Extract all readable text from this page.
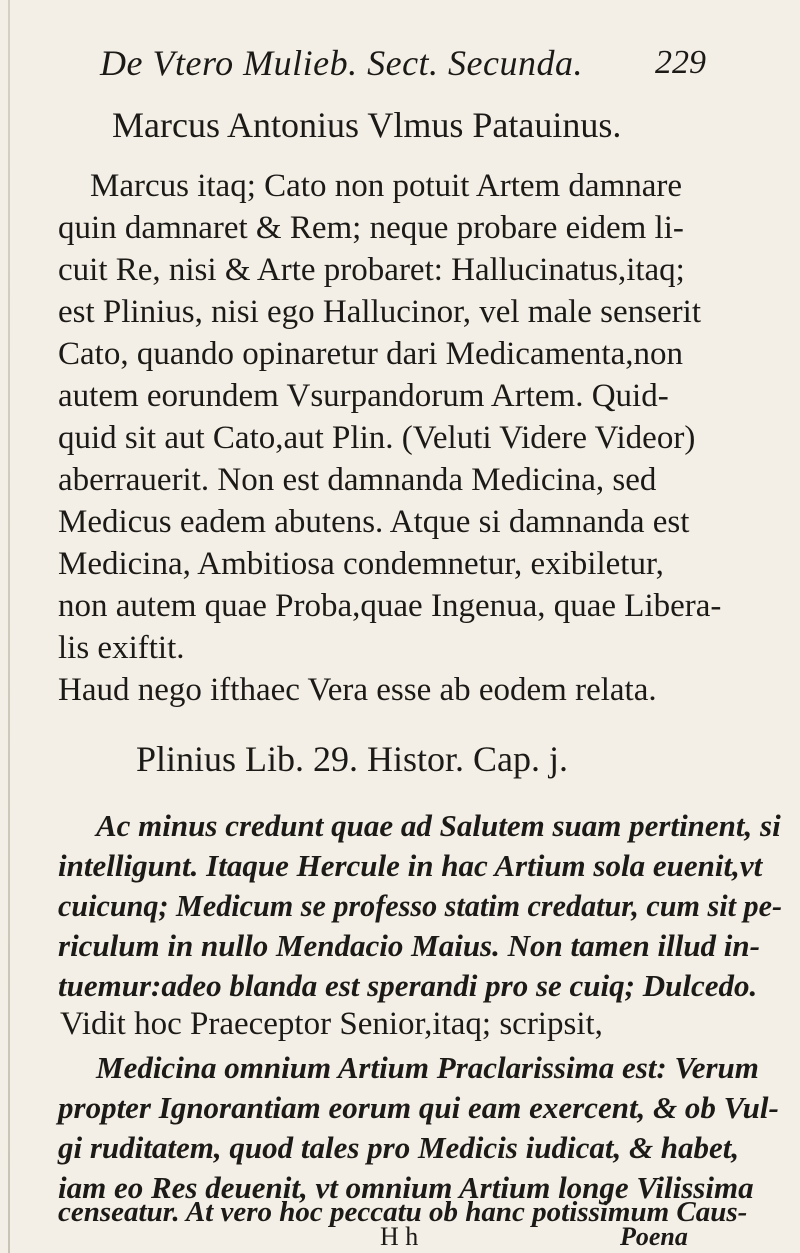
De Vtero Mulieb. Sect. Secunda.	229
Marcus Antonius Vlmus Patauinus.
Marcus itaq; Cato non potuit Artem damnare
quin damnaret & Rem; neque probare eidem li-
cuit Re, nisi & Arte probaret: Hallucinatus,itaq;
est Plinius, nisi ego Hallucinor, vel male senserit
Cato, quando opinaretur dari Medicamenta,non
autem eorundem Vsurpandorum Artem. Quid-
quid sit aut Cato,aut Plin. (Veluti Videre Videor)
aberrauerit. Non est damnanda Medicina, sed
Medicus eadem abutens. Atque si damnanda est
Medicina, Ambitiosa condemnetur, exibiletur,
non autem quae Proba,quae Ingenua, quae Libera-
lis exiftit.
Haud nego ifthaec Vera esse ab eodem relata.
Plinius Lib. 29. Histor. Cap. j.
Ac minus credunt quae ad Salutem suam pertinent, si
intelligunt. Itaque Hercule in hac Artium sola euenit,vt
cuicunq; Medicum se professo statim credatur, cum sit pe-
riculum in nullo Mendacio Maius. Non tamen illud in-
tuemur:adeo blanda est sperandi pro se cuiq; Dulcedo.
Vidit hoc Praeceptor Senior,itaq; scripsit,
Medicina omnium Artium Praclarissima est: Verum
propter Ignorantiam eorum qui eam exercent, & ob Vul-
gi ruditatem, quod tales pro Medicis iudicat, & habet,
iam eo Res deuenit, vt omnium Artium longe Vilissima
censeatur. At vero hoc peccatu ob hanc potissimum Caus-
H h	Poena
